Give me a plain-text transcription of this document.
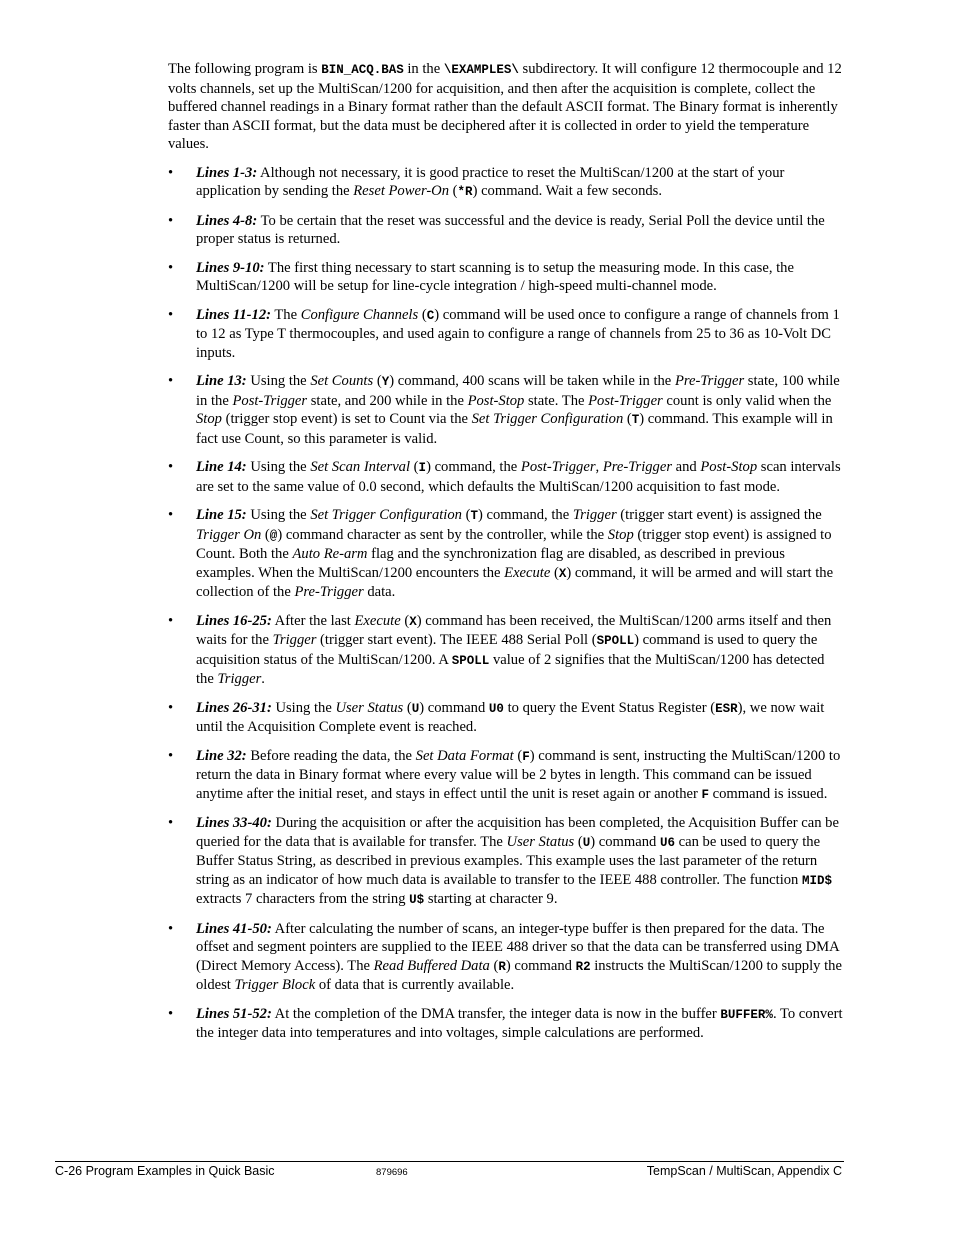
The following program is BIN_ACQ.BAS in the \EXAMPLES\ subdirectory. It will configure 12 thermocouple and 12 volts channels, set up the MultiScan/1200 for acquisition, and then after the acquisition is complete, collect the buffered channel readings in a Binary format rather than the default ASCII format. The Binary format is inherently faster than ASCII format, but the data must be deciphered after it is collected in order to yield the temperature values.

• Lines 1-3: Although not necessary, it is good practice to reset the MultiScan/1200 at the start of your application by sending the Reset Power-On (*R) command. Wait a few seconds.
• Lines 4-8: To be certain that the reset was successful and the device is ready, Serial Poll the device until the proper status is returned.
• Lines 9-10: The first thing necessary to start scanning is to setup the measuring mode. In this case, the MultiScan/1200 will be setup for line-cycle integration / high-speed multi-channel mode.
• Lines 11-12: The Configure Channels (C) command will be used once to configure a range of channels from 1 to 12 as Type T thermocouples, and used again to configure a range of channels from 25 to 36 as 10-Volt DC inputs.
• Line 13: Using the Set Counts (Y) command, 400 scans will be taken while in the Pre-Trigger state, 100 while in the Post-Trigger state, and 200 while in the Post-Stop state. The Post-Trigger count is only valid when the Stop (trigger stop event) is set to Count via the Set Trigger Configuration (T) command. This example will in fact use Count, so this parameter is valid.
• Line 14: Using the Set Scan Interval (I) command, the Post-Trigger, Pre-Trigger and Post-Stop scan intervals are set to the same value of 0.0 second, which defaults the MultiScan/1200 acquisition to fast mode.
• Line 15: Using the Set Trigger Configuration (T) command, the Trigger (trigger start event) is assigned the Trigger On (@) command character as sent by the controller, while the Stop (trigger stop event) is assigned to Count. Both the Auto Re-arm flag and the synchronization flag are disabled, as described in previous examples. When the MultiScan/1200 encounters the Execute (X) command, it will be armed and will start the collection of the Pre-Trigger data.
• Lines 16-25: After the last Execute (X) command has been received, the MultiScan/1200 arms itself and then waits for the Trigger (trigger start event). The IEEE 488 Serial Poll (SPOLL) command is used to query the acquisition status of the MultiScan/1200. A SPOLL value of 2 signifies that the MultiScan/1200 has detected the Trigger.
• Lines 26-31: Using the User Status (U) command U0 to query the Event Status Register (ESR), we now wait until the Acquisition Complete event is reached.
• Line 32: Before reading the data, the Set Data Format (F) command is sent, instructing the MultiScan/1200 to return the data in Binary format where every value will be 2 bytes in length. This command can be issued anytime after the initial reset, and stays in effect until the unit is reset again or another F command is issued.
• Lines 33-40: During the acquisition or after the acquisition has been completed, the Acquisition Buffer can be queried for the data that is available for transfer. The User Status (U) command U6 can be used to query the Buffer Status String, as described in previous examples. This example uses the last parameter of the return string as an indicator of how much data is available to transfer to the IEEE 488 controller. The function MID$ extracts 7 characters from the string U$ starting at character 9.
• Lines 41-50: After calculating the number of scans, an integer-type buffer is then prepared for the data. The offset and segment pointers are supplied to the IEEE 488 driver so that the data can be transferred using DMA (Direct Memory Access). The Read Buffered Data (R) command R2 instructs the MultiScan/1200 to supply the oldest Trigger Block of data that is currently available.
• Lines 51-52: At the completion of the DMA transfer, the integer data is now in the buffer BUFFER%. To convert the integer data into temperatures and into voltages, simple calculations are performed.
C-26 Program Examples in Quick Basic	879696	TempScan / MultiScan, Appendix C
